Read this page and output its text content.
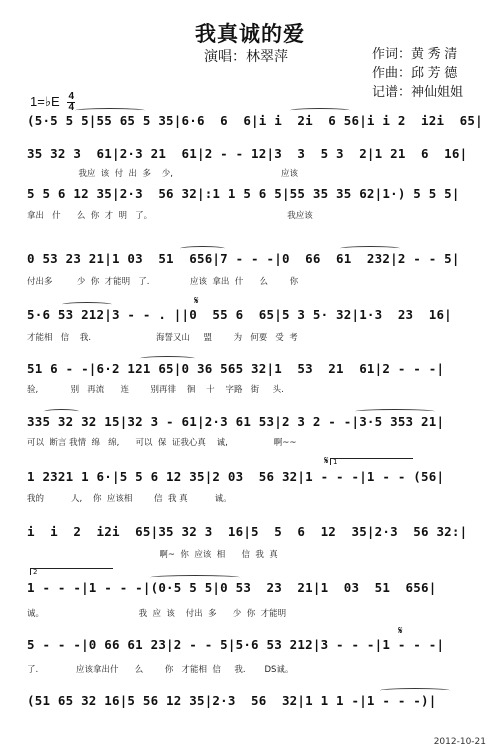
我真诚的爱
演唱：林翠萍	作词：黄 秀 清
作曲：邱 芳 德
记谱：神仙姐姐
1=♭E $\frac{4}{4}$
(5·5 5 5|55 65 5 35|6·6  6  6|i i  2i  6 56|i i 2  i2i  65|
35 32 3  61|2·3 21  61|2 - - 12|3  3  5 3  2|1 21  6  16|
我应  该  付  出  多    少,                                        应该
5 5 6 12 35|2·3  56 32|:1 1 5 6 5|55 35 35 62|1·) 5 5 5|
拿出   什      么  你  才  明   了。                                                  我应该
0 53 23 21|1 03  51  656|7 - - -|0  66  61  232|2 - - 5|
付出多         少  你  才能明   了.               应该  拿出  什      么        你
5·6 53 212|3 - - . ||0  55 6  65|5 3 5· 32|1·3  23  16|
才能相   信    我.                        海誓又山     盟        为   何要   受  考
51 6 - -|6·2 121 65|0 36 565 32|1  53  21  61|2 - - -|
验,            别   再流      连        别再徘    徊    十    字路   街     头.
335 32 32 15|32 3 - 61|2·3 61 53|2 3 2 - -|3·5 353 21|
可以  断言 我情  绵   绵,      可以  保  证我心真    诚,                 啊~~
1 2321 1 6·|5 5 6 12 35|2 03  56 32|1 - - -|1 - - (56|
我的          人,    你  应该相        信  我 真          诚。
i  i  2  i2i  65|35 32 3  16|5  5  6  12  35|2·3  56 32:|
啊~  你  应该  相      信  我  真
1 - - -|1 - - -|(0·5 5 5|0 53  23  21|1  03  51  656|
诚。                                   我  应  该    付出  多      少  你  才能明
5 - - -|0 66 61 23|2 - - 5|5·6 53 212|3 - - -|1 - - -|
了.              应该拿出什      么        你   才能相  信     我.       DS诚。
(51 65 32 16|5 56 12 35|2·3  56  32|1 1 1 -|1 - - -)|
1
2
𝄋
𝄋
𝄋
2012-10-21
